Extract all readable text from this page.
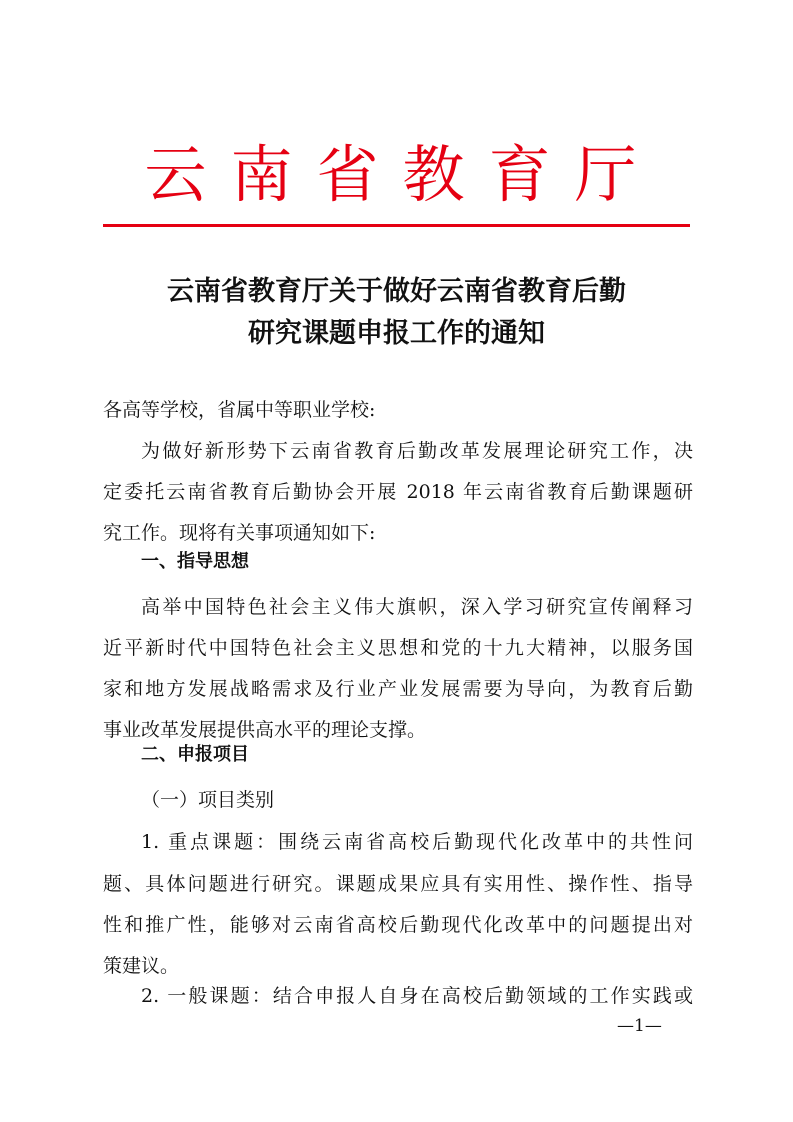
云南省教育厅
云南省教育厅关于做好云南省教育后勤
研究课题申报工作的通知
各高等学校，省属中等职业学校:
为做好新形势下云南省教育后勤改革发展理论研究工作，决
定委托云南省教育后勤协会开展 2018 年云南省教育后勤课题研
究工作。现将有关事项通知如下:
一、指导思想
高举中国特色社会主义伟大旗帜，深入学习研究宣传阐释习
近平新时代中国特色社会主义思想和党的十九大精神，以服务国
家和地方发展战略需求及行业产业发展需要为导向，为教育后勤
事业改革发展提供高水平的理论支撑。
二、申报项目
（一）项目类别
1. 重点课题：围绕云南省高校后勤现代化改革中的共性问
题、具体问题进行研究。课题成果应具有实用性、操作性、指导
性和推广性，能够对云南省高校后勤现代化改革中的问题提出对
策建议。
2. 一般课题：结合申报人自身在高校后勤领域的工作实践或
—1—
